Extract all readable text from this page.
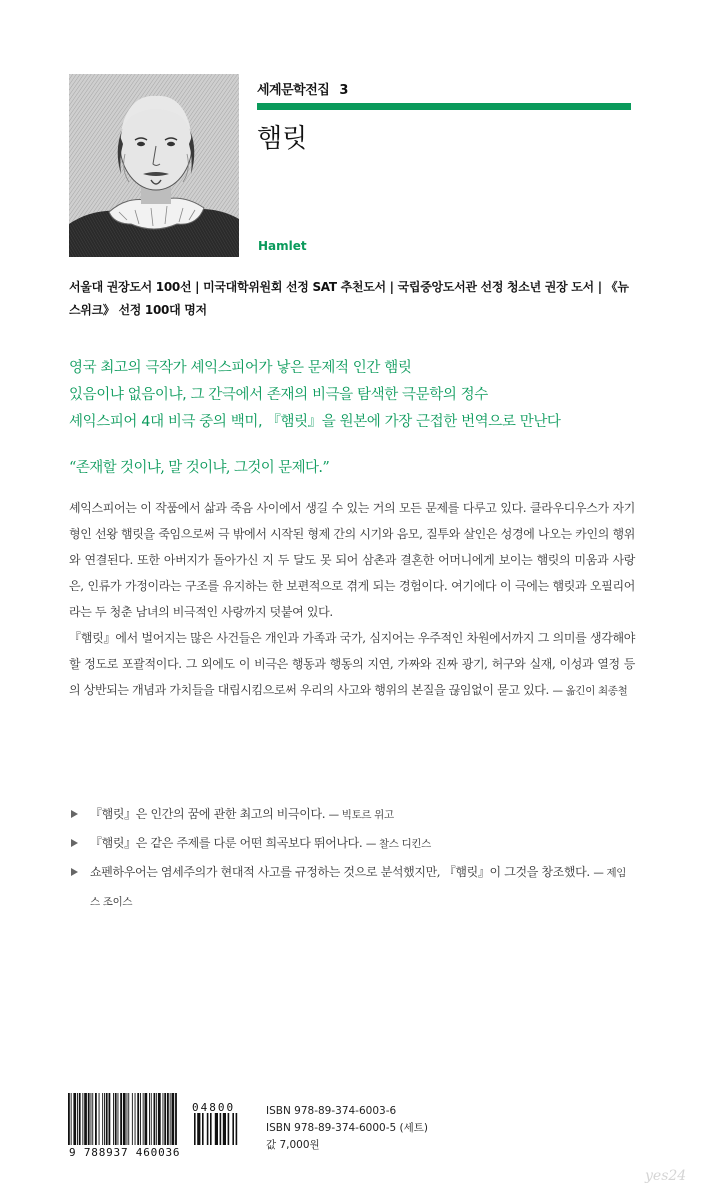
세계문학전집 3
햄릿
Hamlet
서울대 권장도서 100선 | 미국대학위원회 선정 SAT 추천도서 | 국립중앙도서관 선정 청소년 권장 도서 | 《뉴스위크》 선정 100대 명저
영국 최고의 극작가 셰익스피어가 낳은 문제적 인간 햄릿
있음이냐 없음이냐, 그 간극에서 존재의 비극을 탐색한 극문학의 정수
셰익스피어 4대 비극 중의 백미, 『햄릿』을 원본에 가장 근접한 번역으로 만난다
“존재할 것이냐, 말 것이냐, 그것이 문제다.”

셰익스피어는 이 작품에서 삶과 죽음 사이에서 생길 수 있는 거의 모든 문제를 다루고 있다. 클라우디우스가 자기 형인 선왕 햄릿을 죽임으로써 극 밖에서 시작된 형제 간의 시기와 음모, 질투와 살인은 성경에 나오는 카인의 행위와 연결된다. 또한 아버지가 돌아가신 지 두 달도 못 되어 삼촌과 결혼한 어머니에게 보이는 햄릿의 미움과 사랑은, 인류가 가정이라는 구조를 유지하는 한 보편적으로 겪게 되는 경험이다. 여기에다 이 극에는 햄릿과 오필리어라는 두 청춘 남녀의 비극적인 사랑까지 덧붙여 있다.

『햄릿』에서 벌어지는 많은 사건들은 개인과 가족과 국가, 심지어는 우주적인 차원에서까지 그 의미를 생각해야 할 정도로 포괄적이다. 그 외에도 이 비극은 행동과 행동의 지연, 가짜와 진짜 광기, 허구와 실재, 이성과 열정 등의 상반되는 개념과 가치들을 대립시킴으로써 우리의 사고와 행위의 본질을 끊임없이 묻고 있다. — 옮긴이 최종철

『햄릿』은 인간의 꿈에 관한 최고의 비극이다. — 빅토르 위고
『햄릿』은 같은 주제를 다룬 어떤 희곡보다 뛰어나다. — 찰스 디킨스
쇼펜하우어는 염세주의가 현대적 사고를 규정하는 것으로 분석했지만, 『햄릿』이 그것을 창조했다. — 제임스 조이스
04800
9 788937 460036
ISBN 978-89-374-6003-6
ISBN 978-89-374-6000-5 (세트)
값 7,000원
yes24
